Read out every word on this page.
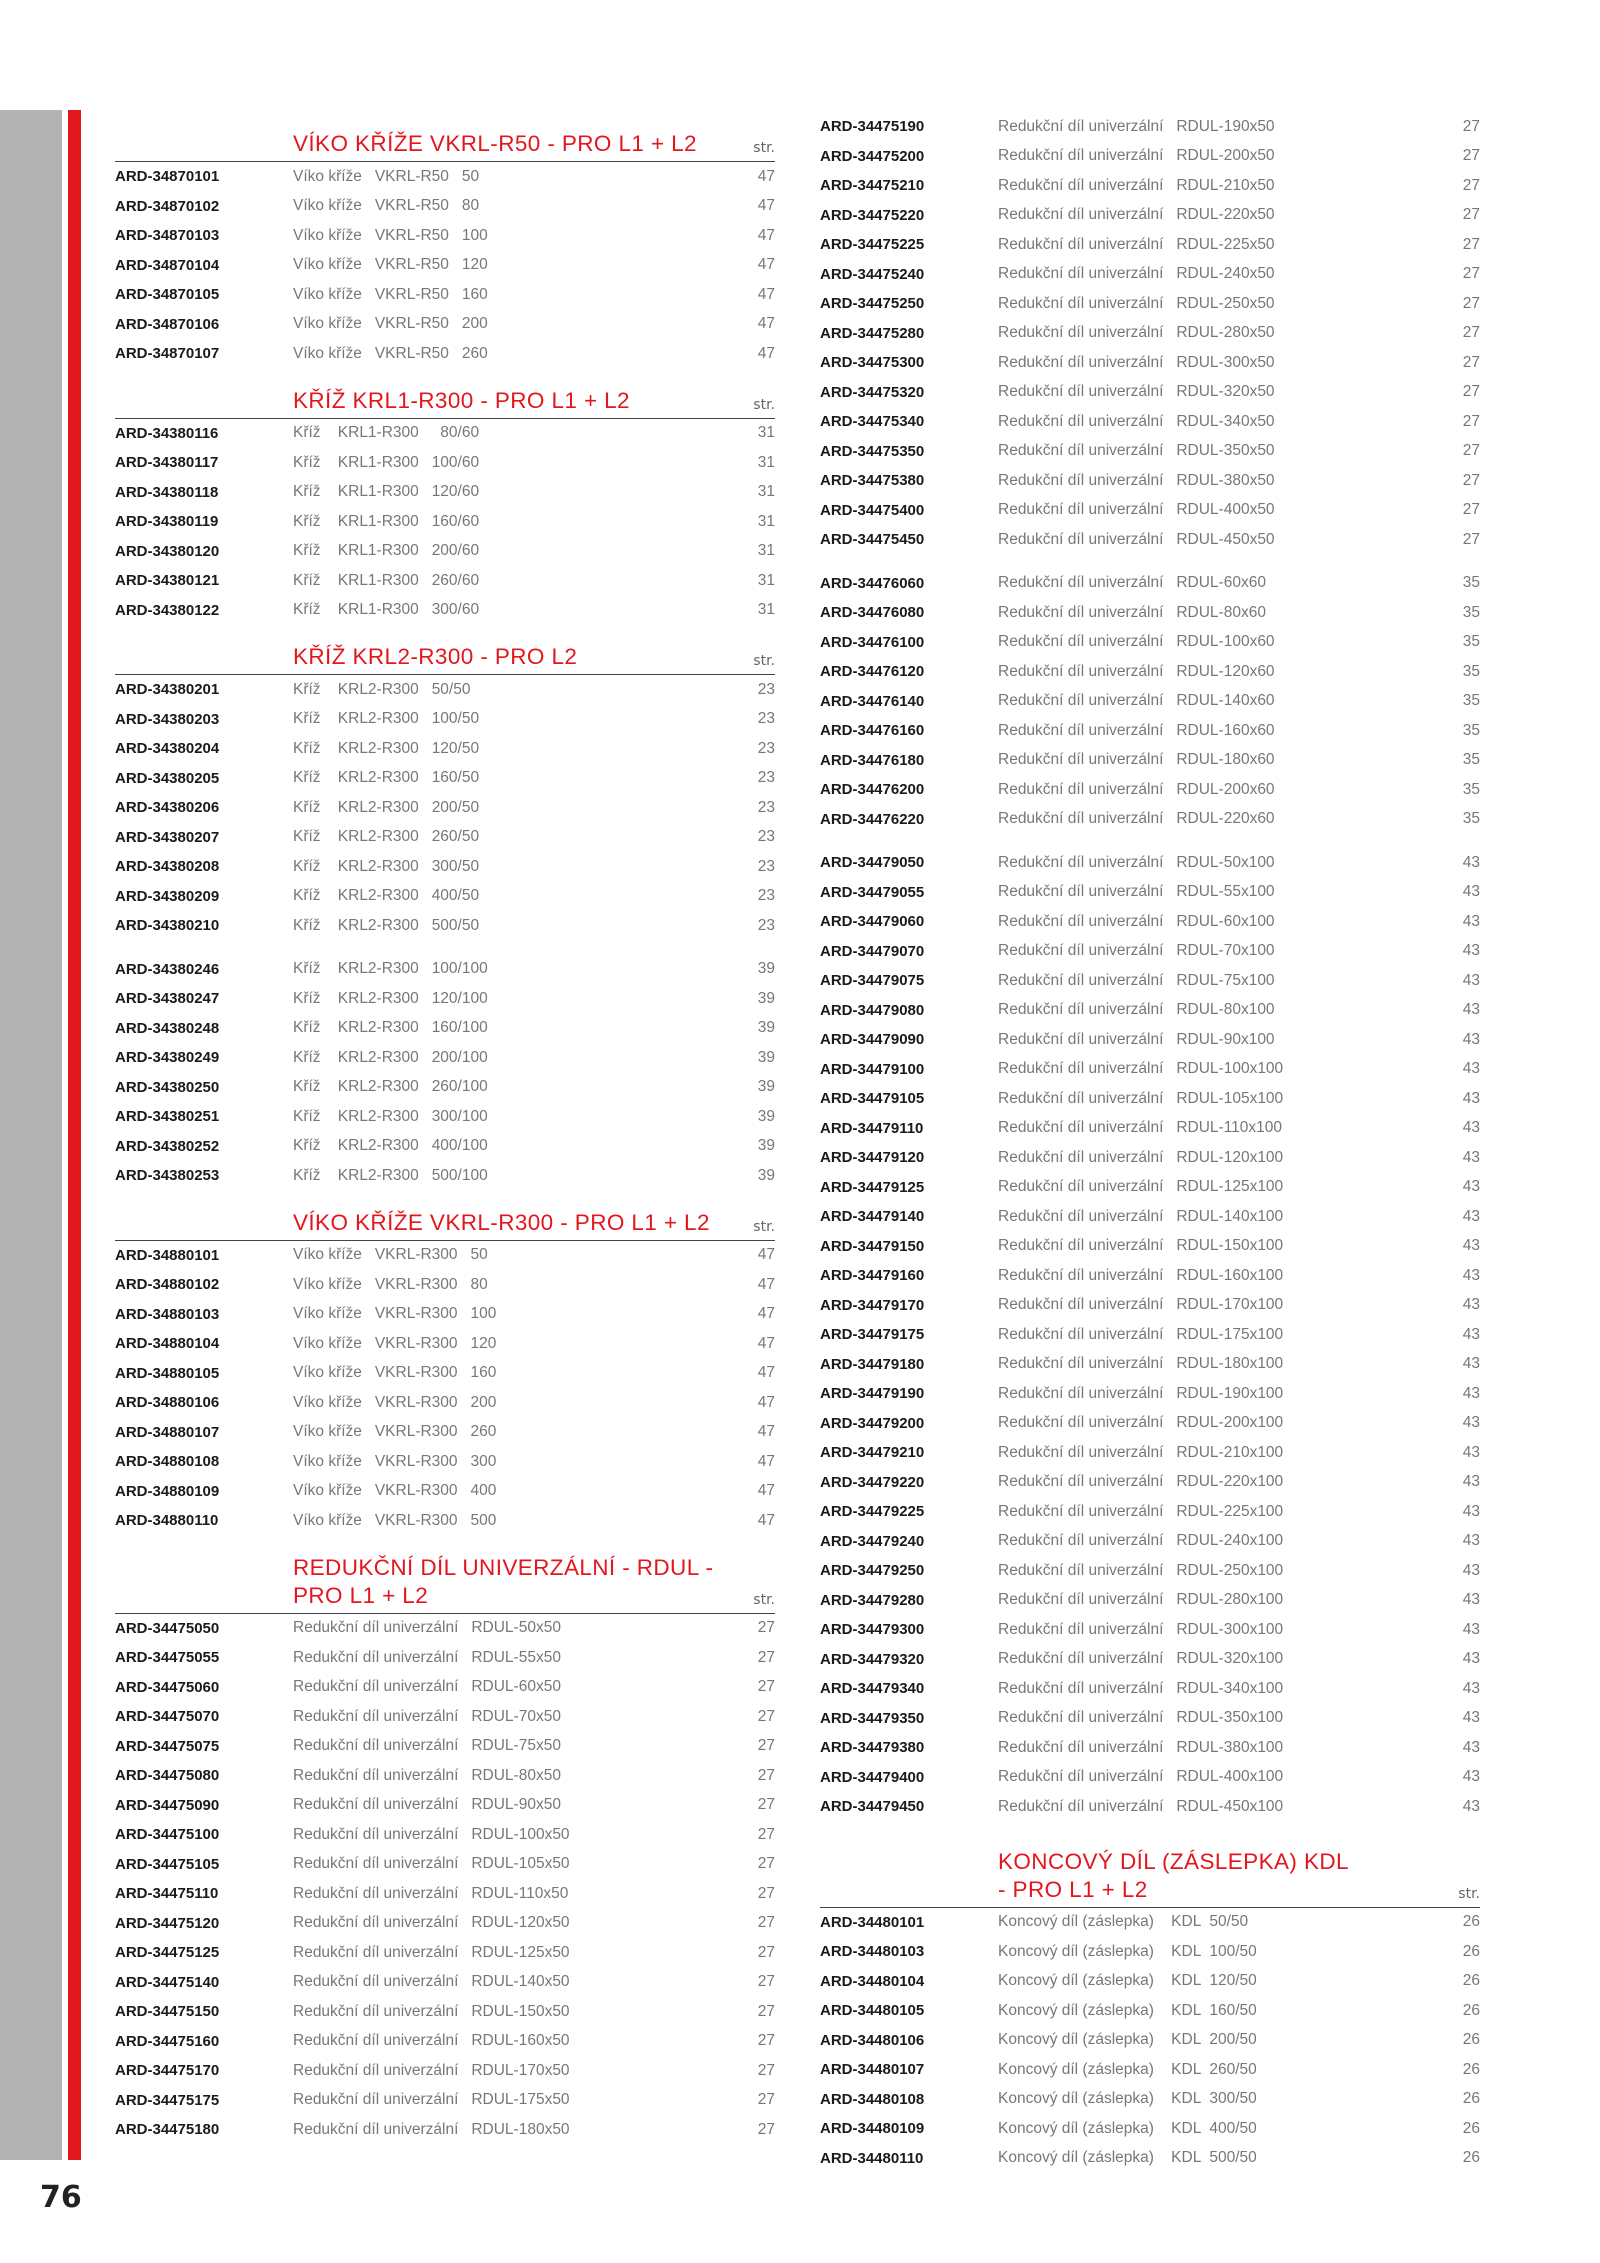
76
VÍKO KŘÍŽE VKRL-R50 - PRO L1 + L2	str.
ARD-34870101	Víko kříže   VKRL-R50   50	47
ARD-34870102	Víko kříže   VKRL-R50   80	47
ARD-34870103	Víko kříže   VKRL-R50   100	47
ARD-34870104	Víko kříže   VKRL-R50   120	47
ARD-34870105	Víko kříže   VKRL-R50   160	47
ARD-34870106	Víko kříže   VKRL-R50   200	47
ARD-34870107	Víko kříže   VKRL-R50   260	47
KŘÍŽ KRL1-R300 - PRO L1 + L2	str.
ARD-34380116	Kříž    KRL1-R300     80/60	31
ARD-34380117	Kříž    KRL1-R300   100/60	31
ARD-34380118	Kříž    KRL1-R300   120/60	31
ARD-34380119	Kříž    KRL1-R300   160/60	31
ARD-34380120	Kříž    KRL1-R300   200/60	31
ARD-34380121	Kříž    KRL1-R300   260/60	31
ARD-34380122	Kříž    KRL1-R300   300/60	31
KŘÍŽ KRL2-R300 - PRO L2	str.
ARD-34380201	Kříž    KRL2-R300   50/50	23
ARD-34380203	Kříž    KRL2-R300   100/50	23
ARD-34380204	Kříž    KRL2-R300   120/50	23
ARD-34380205	Kříž    KRL2-R300   160/50	23
ARD-34380206	Kříž    KRL2-R300   200/50	23
ARD-34380207	Kříž    KRL2-R300   260/50	23
ARD-34380208	Kříž    KRL2-R300   300/50	23
ARD-34380209	Kříž    KRL2-R300   400/50	23
ARD-34380210	Kříž    KRL2-R300   500/50	23
ARD-34380246	Kříž    KRL2-R300   100/100	39
ARD-34380247	Kříž    KRL2-R300   120/100	39
ARD-34380248	Kříž    KRL2-R300   160/100	39
ARD-34380249	Kříž    KRL2-R300   200/100	39
ARD-34380250	Kříž    KRL2-R300   260/100	39
ARD-34380251	Kříž    KRL2-R300   300/100	39
ARD-34380252	Kříž    KRL2-R300   400/100	39
ARD-34380253	Kříž    KRL2-R300   500/100	39
VÍKO KŘÍŽE VKRL-R300 - PRO L1 + L2	str.
ARD-34880101	Víko kříže   VKRL-R300   50	47
ARD-34880102	Víko kříže   VKRL-R300   80	47
ARD-34880103	Víko kříže   VKRL-R300   100	47
ARD-34880104	Víko kříže   VKRL-R300   120	47
ARD-34880105	Víko kříže   VKRL-R300   160	47
ARD-34880106	Víko kříže   VKRL-R300   200	47
ARD-34880107	Víko kříže   VKRL-R300   260	47
ARD-34880108	Víko kříže   VKRL-R300   300	47
ARD-34880109	Víko kříže   VKRL-R300   400	47
ARD-34880110	Víko kříže   VKRL-R300   500	47
REDUKČNÍ DÍL UNIVERZÁLNÍ - RDUL -
PRO L1 + L2	str.
ARD-34475050	Redukční díl univerzální   RDUL-50x50	27
ARD-34475055	Redukční díl univerzální   RDUL-55x50	27
ARD-34475060	Redukční díl univerzální   RDUL-60x50	27
ARD-34475070	Redukční díl univerzální   RDUL-70x50	27
ARD-34475075	Redukční díl univerzální   RDUL-75x50	27
ARD-34475080	Redukční díl univerzální   RDUL-80x50	27
ARD-34475090	Redukční díl univerzální   RDUL-90x50	27
ARD-34475100	Redukční díl univerzální   RDUL-100x50	27
ARD-34475105	Redukční díl univerzální   RDUL-105x50	27
ARD-34475110	Redukční díl univerzální   RDUL-110x50	27
ARD-34475120	Redukční díl univerzální   RDUL-120x50	27
ARD-34475125	Redukční díl univerzální   RDUL-125x50	27
ARD-34475140	Redukční díl univerzální   RDUL-140x50	27
ARD-34475150	Redukční díl univerzální   RDUL-150x50	27
ARD-34475160	Redukční díl univerzální   RDUL-160x50	27
ARD-34475170	Redukční díl univerzální   RDUL-170x50	27
ARD-34475175	Redukční díl univerzální   RDUL-175x50	27
ARD-34475180	Redukční díl univerzální   RDUL-180x50	27
ARD-34475190	Redukční díl univerzální   RDUL-190x50	27
ARD-34475200	Redukční díl univerzální   RDUL-200x50	27
ARD-34475210	Redukční díl univerzální   RDUL-210x50	27
ARD-34475220	Redukční díl univerzální   RDUL-220x50	27
ARD-34475225	Redukční díl univerzální   RDUL-225x50	27
ARD-34475240	Redukční díl univerzální   RDUL-240x50	27
ARD-34475250	Redukční díl univerzální   RDUL-250x50	27
ARD-34475280	Redukční díl univerzální   RDUL-280x50	27
ARD-34475300	Redukční díl univerzální   RDUL-300x50	27
ARD-34475320	Redukční díl univerzální   RDUL-320x50	27
ARD-34475340	Redukční díl univerzální   RDUL-340x50	27
ARD-34475350	Redukční díl univerzální   RDUL-350x50	27
ARD-34475380	Redukční díl univerzální   RDUL-380x50	27
ARD-34475400	Redukční díl univerzální   RDUL-400x50	27
ARD-34475450	Redukční díl univerzální   RDUL-450x50	27
ARD-34476060	Redukční díl univerzální   RDUL-60x60	35
ARD-34476080	Redukční díl univerzální   RDUL-80x60	35
ARD-34476100	Redukční díl univerzální   RDUL-100x60	35
ARD-34476120	Redukční díl univerzální   RDUL-120x60	35
ARD-34476140	Redukční díl univerzální   RDUL-140x60	35
ARD-34476160	Redukční díl univerzální   RDUL-160x60	35
ARD-34476180	Redukční díl univerzální   RDUL-180x60	35
ARD-34476200	Redukční díl univerzální   RDUL-200x60	35
ARD-34476220	Redukční díl univerzální   RDUL-220x60	35
ARD-34479050	Redukční díl univerzální   RDUL-50x100	43
ARD-34479055	Redukční díl univerzální   RDUL-55x100	43
ARD-34479060	Redukční díl univerzální   RDUL-60x100	43
ARD-34479070	Redukční díl univerzální   RDUL-70x100	43
ARD-34479075	Redukční díl univerzální   RDUL-75x100	43
ARD-34479080	Redukční díl univerzální   RDUL-80x100	43
ARD-34479090	Redukční díl univerzální   RDUL-90x100	43
ARD-34479100	Redukční díl univerzální   RDUL-100x100	43
ARD-34479105	Redukční díl univerzální   RDUL-105x100	43
ARD-34479110	Redukční díl univerzální   RDUL-110x100	43
ARD-34479120	Redukční díl univerzální   RDUL-120x100	43
ARD-34479125	Redukční díl univerzální   RDUL-125x100	43
ARD-34479140	Redukční díl univerzální   RDUL-140x100	43
ARD-34479150	Redukční díl univerzální   RDUL-150x100	43
ARD-34479160	Redukční díl univerzální   RDUL-160x100	43
ARD-34479170	Redukční díl univerzální   RDUL-170x100	43
ARD-34479175	Redukční díl univerzální   RDUL-175x100	43
ARD-34479180	Redukční díl univerzální   RDUL-180x100	43
ARD-34479190	Redukční díl univerzální   RDUL-190x100	43
ARD-34479200	Redukční díl univerzální   RDUL-200x100	43
ARD-34479210	Redukční díl univerzální   RDUL-210x100	43
ARD-34479220	Redukční díl univerzální   RDUL-220x100	43
ARD-34479225	Redukční díl univerzální   RDUL-225x100	43
ARD-34479240	Redukční díl univerzální   RDUL-240x100	43
ARD-34479250	Redukční díl univerzální   RDUL-250x100	43
ARD-34479280	Redukční díl univerzální   RDUL-280x100	43
ARD-34479300	Redukční díl univerzální   RDUL-300x100	43
ARD-34479320	Redukční díl univerzální   RDUL-320x100	43
ARD-34479340	Redukční díl univerzální   RDUL-340x100	43
ARD-34479350	Redukční díl univerzální   RDUL-350x100	43
ARD-34479380	Redukční díl univerzální   RDUL-380x100	43
ARD-34479400	Redukční díl univerzální   RDUL-400x100	43
ARD-34479450	Redukční díl univerzální   RDUL-450x100	43
KONCOVÝ DÍL (ZÁSLEPKA) KDL
- PRO L1 + L2	str.
ARD-34480101	Koncový díl (záslepka)    KDL  50/50	26
ARD-34480103	Koncový díl (záslepka)    KDL  100/50	26
ARD-34480104	Koncový díl (záslepka)    KDL  120/50	26
ARD-34480105	Koncový díl (záslepka)    KDL  160/50	26
ARD-34480106	Koncový díl (záslepka)    KDL  200/50	26
ARD-34480107	Koncový díl (záslepka)    KDL  260/50	26
ARD-34480108	Koncový díl (záslepka)    KDL  300/50	26
ARD-34480109	Koncový díl (záslepka)    KDL  400/50	26
ARD-34480110	Koncový díl (záslepka)    KDL  500/50	26
